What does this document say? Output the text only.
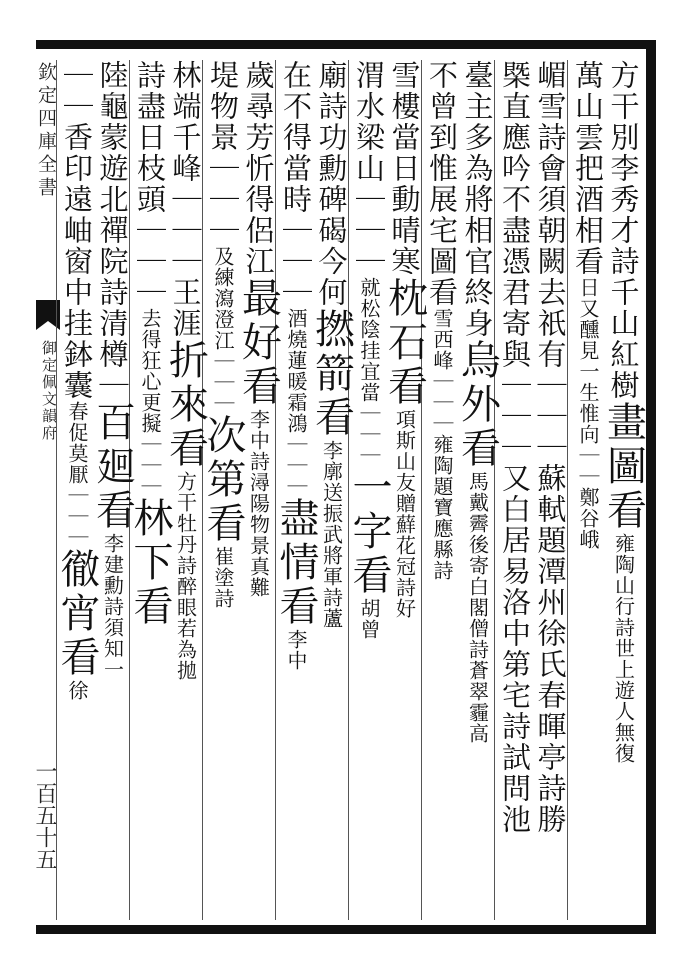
欽定四庫全書
御定佩文韻府
一百五十五
方干別李秀才詩千山紅樹畫圖看雍陶山行詩世上遊人無復
萬山雲把酒相看日又醺見一生惟向｜｜鄭谷峨
嵋雪詩會須朝闕去祇有｜｜｜蘇軾題潭州徐氏春暉亭詩勝
槩直應吟不盡憑君寄與｜｜｜又白居易洛中第宅詩試問池
臺主多為將相官終身烏外看馬戴霽後寄白閣僧詩蒼翠霾高
不曾到惟展宅圖看雪西峰｜｜｜雍陶題寶應縣詩
雪樓當日動晴寒枕石看項斯山友贈蘚花冠詩好
渭水梁山｜｜｜就松陰挂宜當｜｜｜一字看胡曾
廟詩功勳碑碣今何撚箭看李廓送振武將軍詩蘆
在不得當時｜｜｜酒燒蓮暖霜鴻｜｜｜盡情看李中
歲尋芳忻得侶江最好看李中詩潯陽物景真難
堤物景｜｜｜及練瀉澄江｜｜｜次第看崔塗詩
林端千峰｜｜｜王涯折來看方干牡丹詩醉眼若為拋
詩盡日枝頭｜｜｜去得狂心更擬｜｜｜林下看
陸龜蒙遊北禪院詩清樽｜百廻看李建勳詩須知一
｜｜香印遠岫窗中挂鉢囊春促莫厭｜｜｜徹宵看徐
